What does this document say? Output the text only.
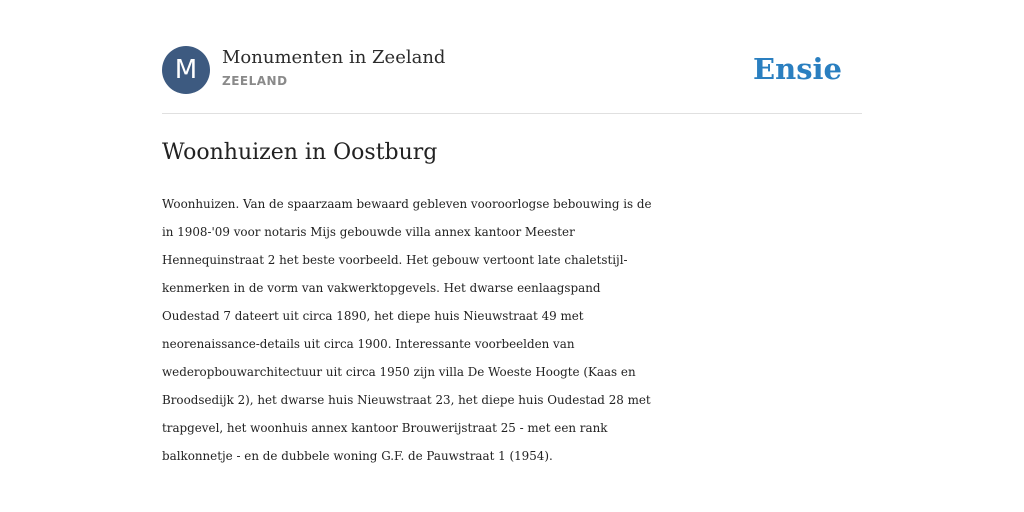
M	Monumenten in Zeeland
ZEELAND	Ensie
Woonhuizen in Oostburg
Woonhuizen. Van de spaarzaam bewaard gebleven vooroorlogse bebouwing is de
in 1908-'09 voor notaris Mijs gebouwde villa annex kantoor Meester
Hennequinstraat 2 het beste voorbeeld. Het gebouw vertoont late chaletstijl-
kenmerken in de vorm van vakwerktopgevels. Het dwarse eenlaagspand
Oudestad 7 dateert uit circa 1890, het diepe huis Nieuwstraat 49 met
neorenaissance-details uit circa 1900. Interessante voorbeelden van
wederopbouwarchitectuur uit circa 1950 zijn villa De Woeste Hoogte (Kaas en
Broodsedijk 2), het dwarse huis Nieuwstraat 23, het diepe huis Oudestad 28 met
trapgevel, het woonhuis annex kantoor Brouwerijstraat 25 - met een rank
balkonnetje - en de dubbele woning G.F. de Pauwstraat 1 (1954).
